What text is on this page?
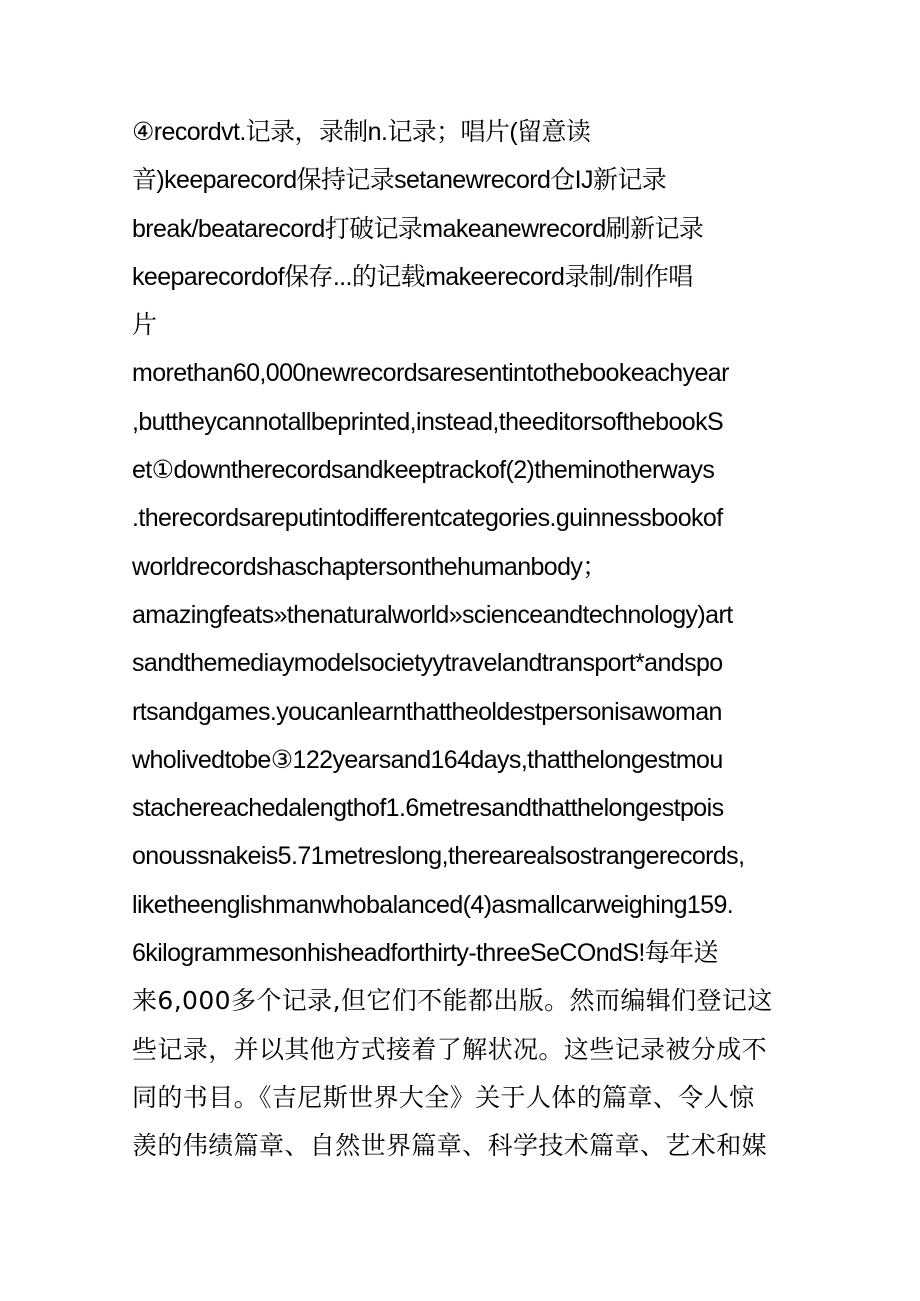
④recordvt.记录，录制n.记录；唱片(留意读
音)keeparecord保持记录setanewrecord仓IJ新记录
break/beatarecord打破记录makeanewrecord刷新记录
keeparecordof保存...的记载makeerecord录制/制作唱
片
morethan60,000newrecordsaresentintothebookeachyear
,buttheycannotallbeprinted,instead,theeditorsofthebookS
et①downtherecordsandkeeptrackof(2)theminotherways
.therecordsareputintodifferentcategories.guinnessbookof
worldrecordshaschaptersonthehumanbody；
amazingfeats»thenaturalworld»scienceandtechnology)art
sandthemediaymodelsocietyytravelandtransport*andspo
rtsandgames.youcanlearnthattheoldestpersonisawoman
wholivedtobe③122yearsand164days,thatthelongestmou
stachereachedalengthof1.6metresandthatthelongestpois
onoussnakeis5.71metreslong,therearealsostrangerecords,
liketheenglishmanwhobalanced(4)asmallcarweighing159.
6kilogrammesonhisheadforthirty-threeSeCOndS!每年送
来6,000多个记录,但它们不能都出版。然而编辑们登记这
些记录，并以其他方式接着了解状况。这些记录被分成不
同的书目。《吉尼斯世界大全》关于人体的篇章、令人惊
羡的伟绩篇章、自然世界篇章、科学技术篇章、艺术和媒
